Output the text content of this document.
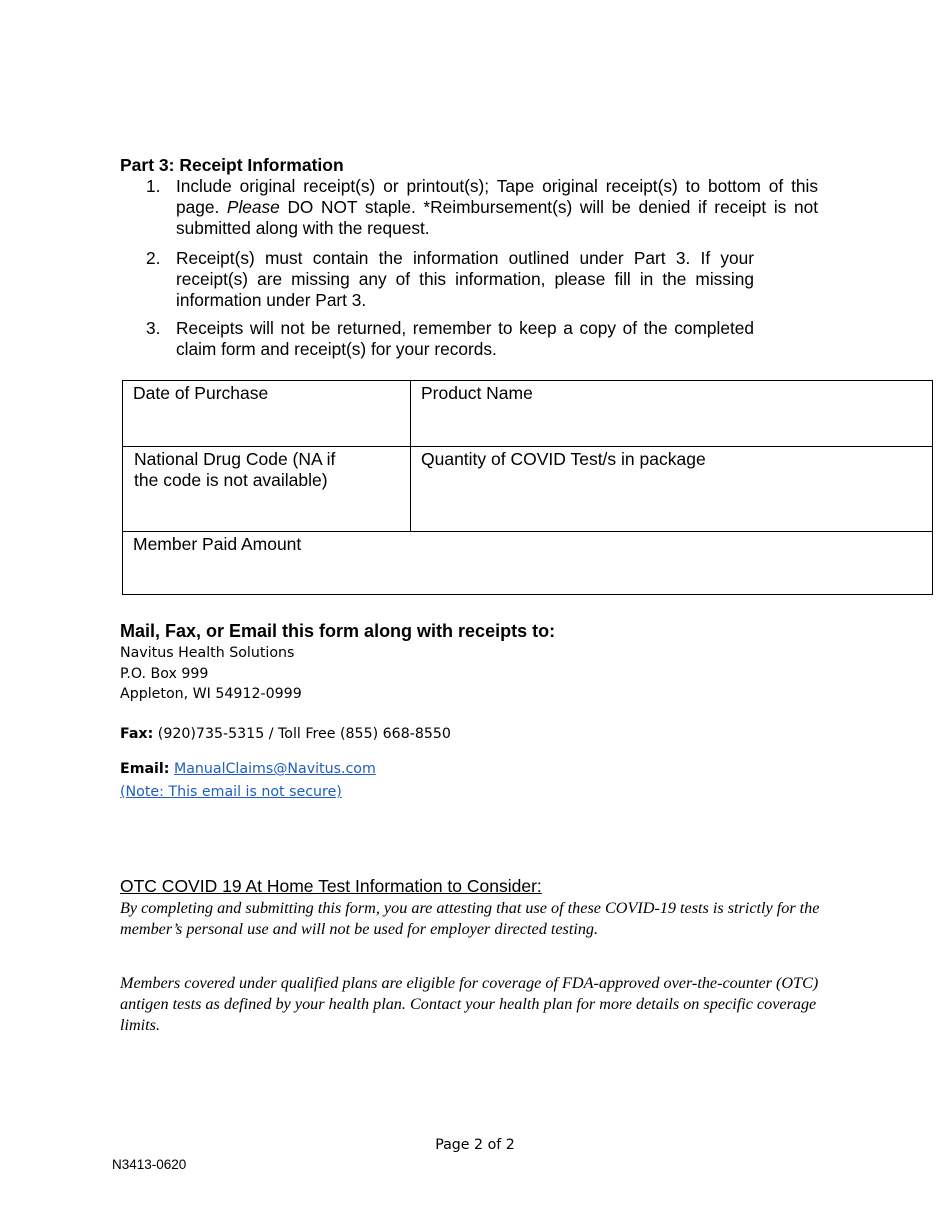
Part 3: Receipt Information
1. Include original receipt(s) or printout(s); Tape original receipt(s) to bottom of this page. Please DO NOT staple. *Reimbursement(s) will be denied if receipt is not submitted along with the request.
2. Receipt(s) must contain the information outlined under Part 3. If your receipt(s) are missing any of this information, please fill in the missing information under Part 3.
3. Receipts will not be returned, remember to keep a copy of the completed claim form and receipt(s) for your records.
Date of Purchase	Product Name

National Drug Code (NA if
the code is not available)	Quantity of COVID Test/s in package
Member Paid Amount	
Mail, Fax, or Email this form along with receipts to:
Navitus Health Solutions
P.O. Box 999
Appleton, WI 54912-0999
Fax: (920)735-5315 / Toll Free (855) 668-8550
Email: ManualClaims@Navitus.com
(Note: This email is not secure)
OTC COVID 19 At Home Test Information to Consider:
By completing and submitting this form, you are attesting that use of these COVID-19 tests is strictly for the member’s personal use and will not be used for employer directed testing.
Members covered under qualified plans are eligible for coverage of FDA-approved over-the-counter (OTC) antigen tests as defined by your health plan. Contact your health plan for more details on specific coverage limits.
Page 2 of 2
N3413-0620
